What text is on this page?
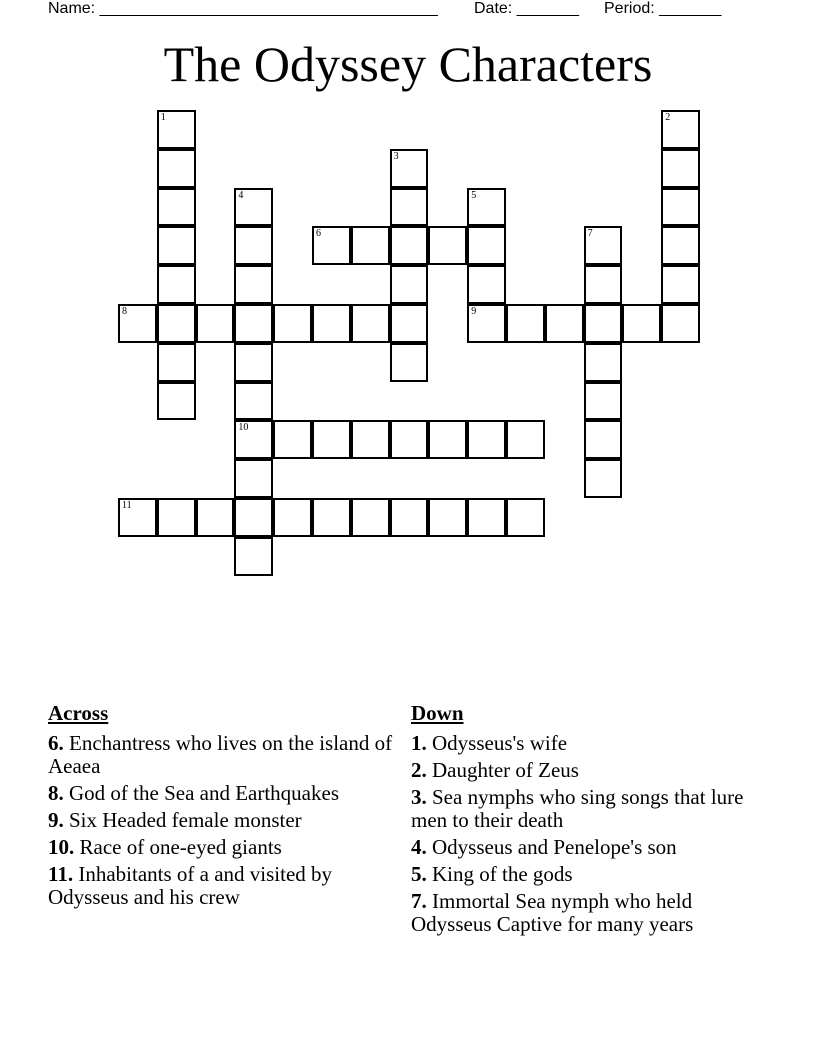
Name: ______________________________________ Date: _______ Period: _______
The Odyssey Characters
1	2
3
4
10
5
9
6	7
8
11
Across
6. Enchantress who lives on the island of Aeaea
8. God of the Sea and Earthquakes
9. Six Headed female monster
10. Race of one-eyed giants
11. Inhabitants of a and visited by Odysseus and his crew
Down
1. Odysseus's wife
2. Daughter of Zeus
3. Sea nymphs who sing songs that lure men to their death
4. Odysseus and Penelope's son
5. King of the gods
7. Immortal Sea nymph who held Odysseus Captive for many years
